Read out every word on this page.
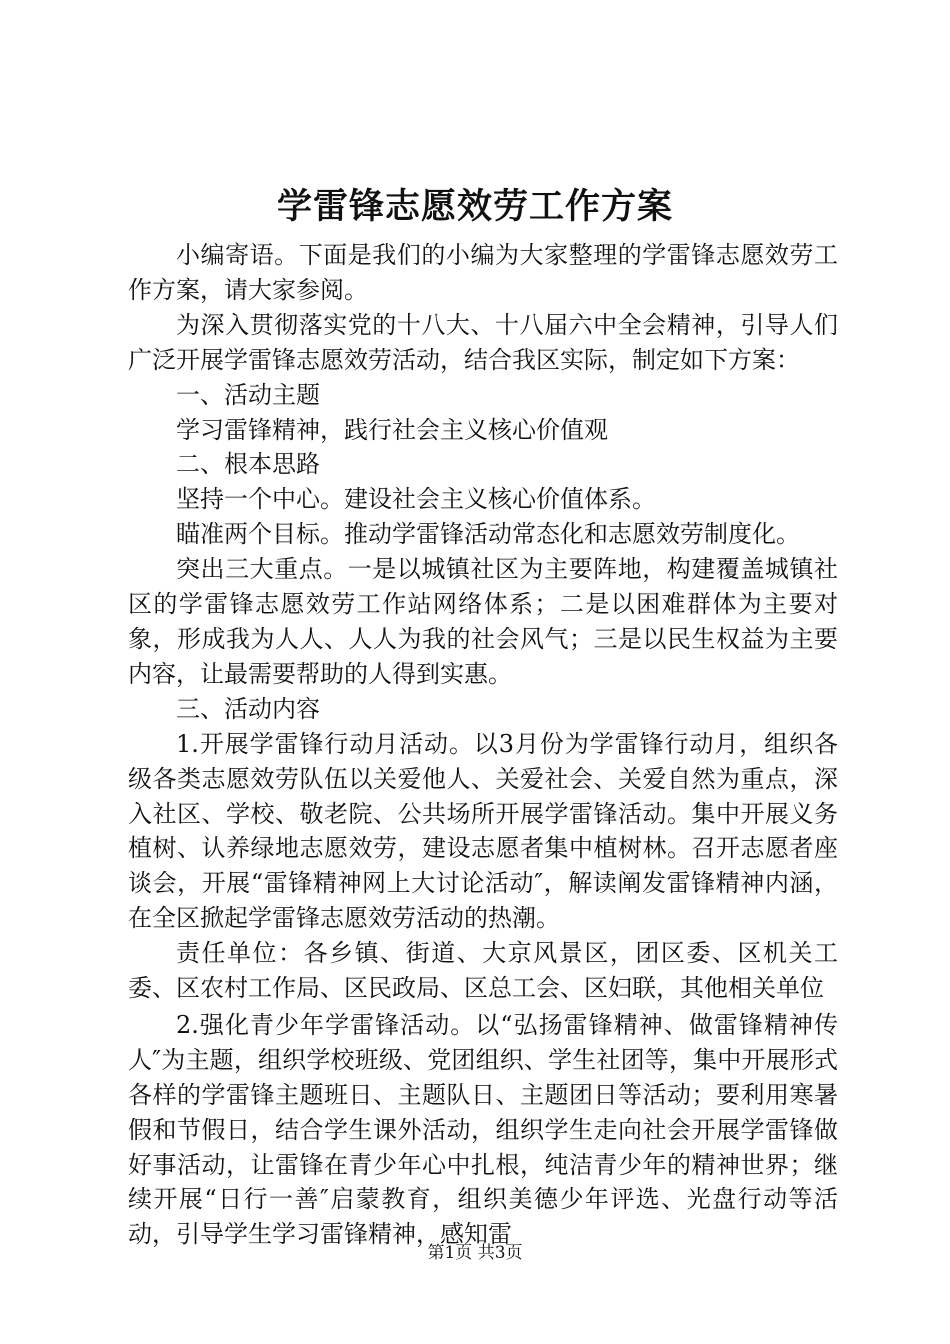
学雷锋志愿效劳工作方案

小编寄语。下面是我们的小编为大家整理的学雷锋志愿效劳工作方案，请大家参阅。

为深入贯彻落实党的十八大、十八届六中全会精神，引导人们广泛开展学雷锋志愿效劳活动，结合我区实际，制定如下方案：

一、活动主题

学习雷锋精神，践行社会主义核心价值观

二、根本思路

坚持一个中心。建设社会主义核心价值体系。

瞄准两个目标。推动学雷锋活动常态化和志愿效劳制度化。

突出三大重点。一是以城镇社区为主要阵地，构建覆盖城镇社区的学雷锋志愿效劳工作站网络体系；二是以困难群体为主要对象，形成我为人人、人人为我的社会风气；三是以民生权益为主要内容，让最需要帮助的人得到实惠。

三、活动内容

1.开展学雷锋行动月活动。以3月份为学雷锋行动月，组织各级各类志愿效劳队伍以关爱他人、关爱社会、关爱自然为重点，深入社区、学校、敬老院、公共场所开展学雷锋活动。集中开展义务植树、认养绿地志愿效劳，建设志愿者集中植树林。召开志愿者座谈会，开展“雷锋精神网上大讨论活动″，解读阐发雷锋精神内涵，在全区掀起学雷锋志愿效劳活动的热潮。

责任单位：各乡镇、街道、大京风景区，团区委、区机关工委、区农村工作局、区民政局、区总工会、区妇联，其他相关单位

2.强化青少年学雷锋活动。以“弘扬雷锋精神、做雷锋精神传人″为主题，组织学校班级、党团组织、学生社团等，集中开展形式各样的学雷锋主题班日、主题队日、主题团日等活动；要利用寒暑假和节假日，结合学生课外活动，组织学生走向社会开展学雷锋做好事活动，让雷锋在青少年心中扎根，纯洁青少年的精神世界；继续开展“日行一善″启蒙教育，组织美德少年评选、光盘行动等活动，引导学生学习雷锋精神，感知雷

第1页 共3页
